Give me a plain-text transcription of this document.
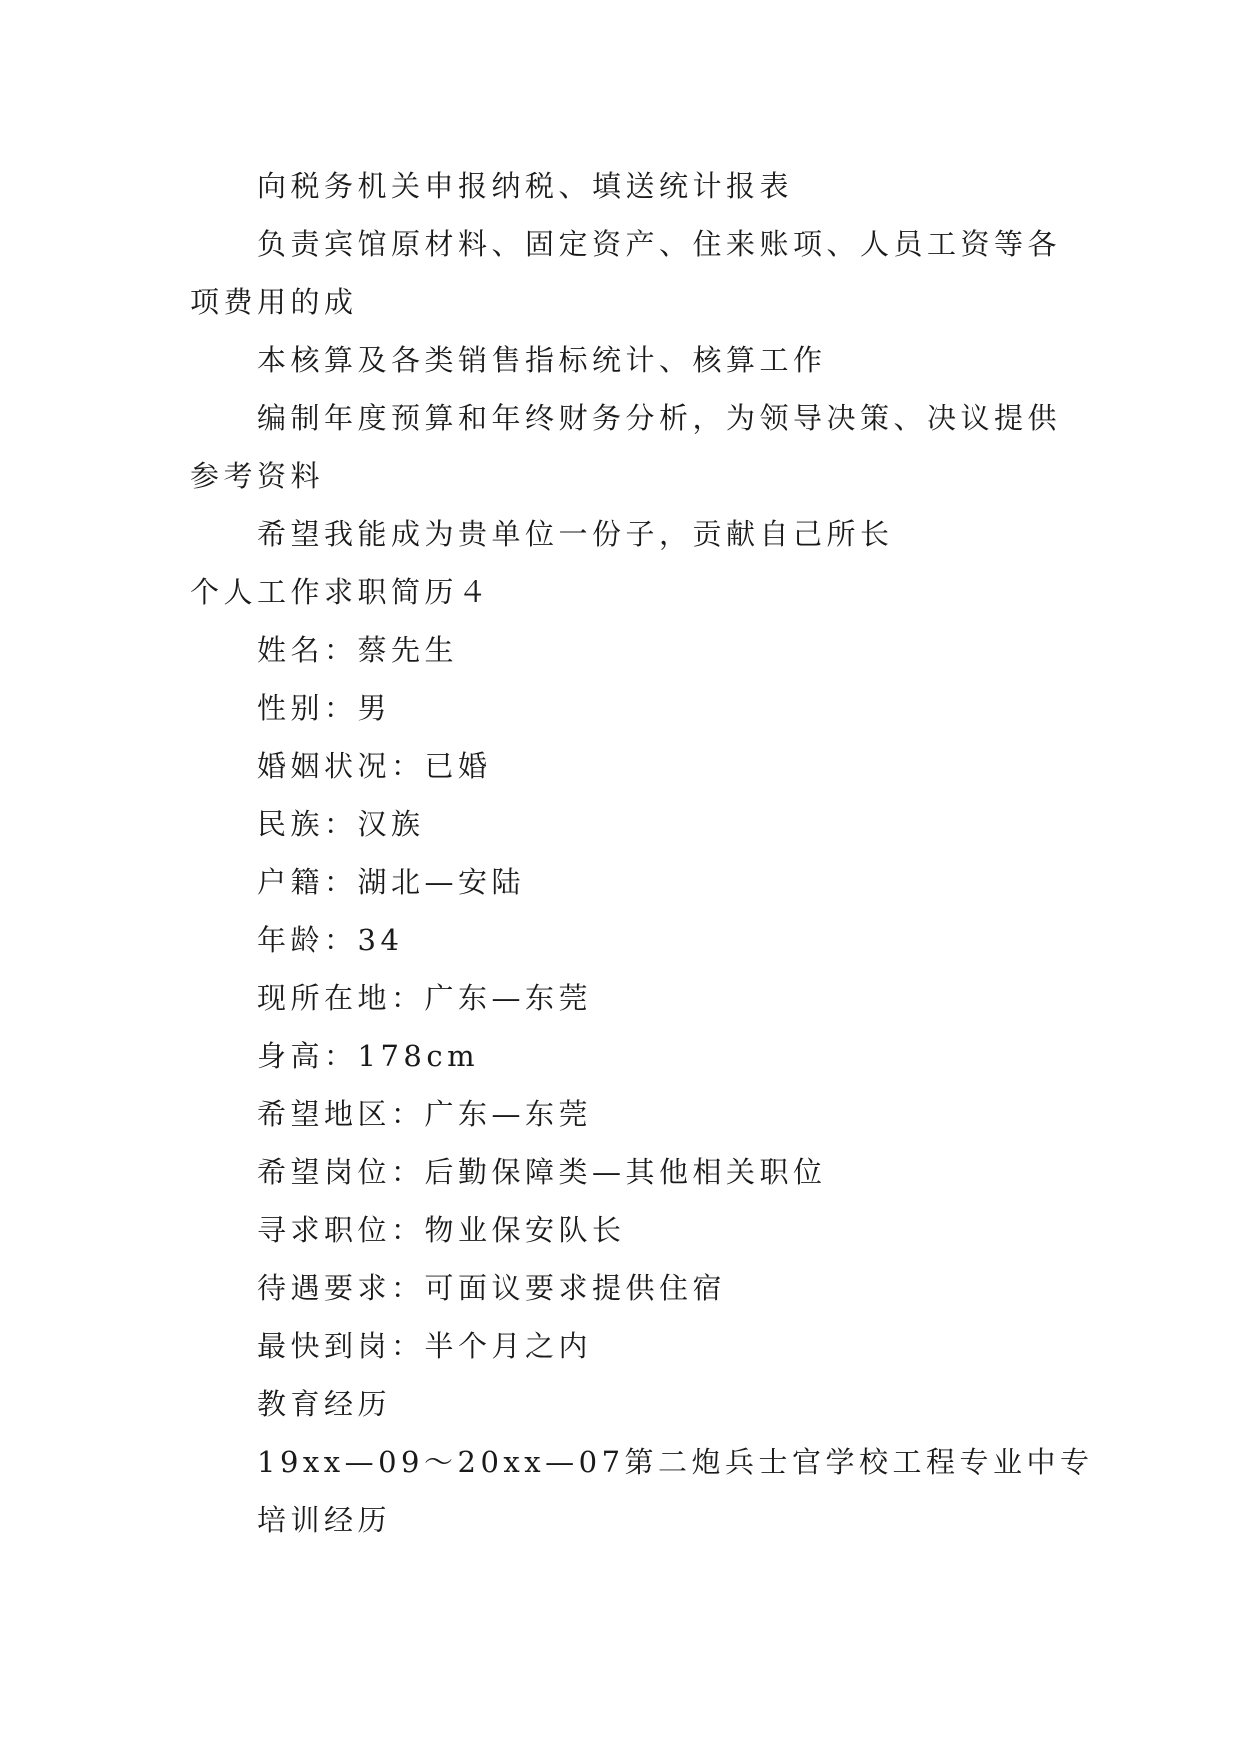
向税务机关申报纳税、填送统计报表
负责宾馆原材料、固定资产、住来账项、人员工资等各
项费用的成
本核算及各类销售指标统计、核算工作
编制年度预算和年终财务分析，为领导决策、决议提供
参考资料
希望我能成为贵单位一份子，贡献自己所长
个人工作求职简历４
姓名：蔡先生
性别：男
婚姻状况：已婚
民族：汉族
户籍：湖北—安陆
年龄：34
现所在地：广东—东莞
身高：178cm
希望地区：广东—东莞
希望岗位：后勤保障类—其他相关职位
寻求职位：物业保安队长
待遇要求：可面议要求提供住宿
最快到岗：半个月之内
教育经历
19xx—09～20xx—07第二炮兵士官学校工程专业中专
培训经历
